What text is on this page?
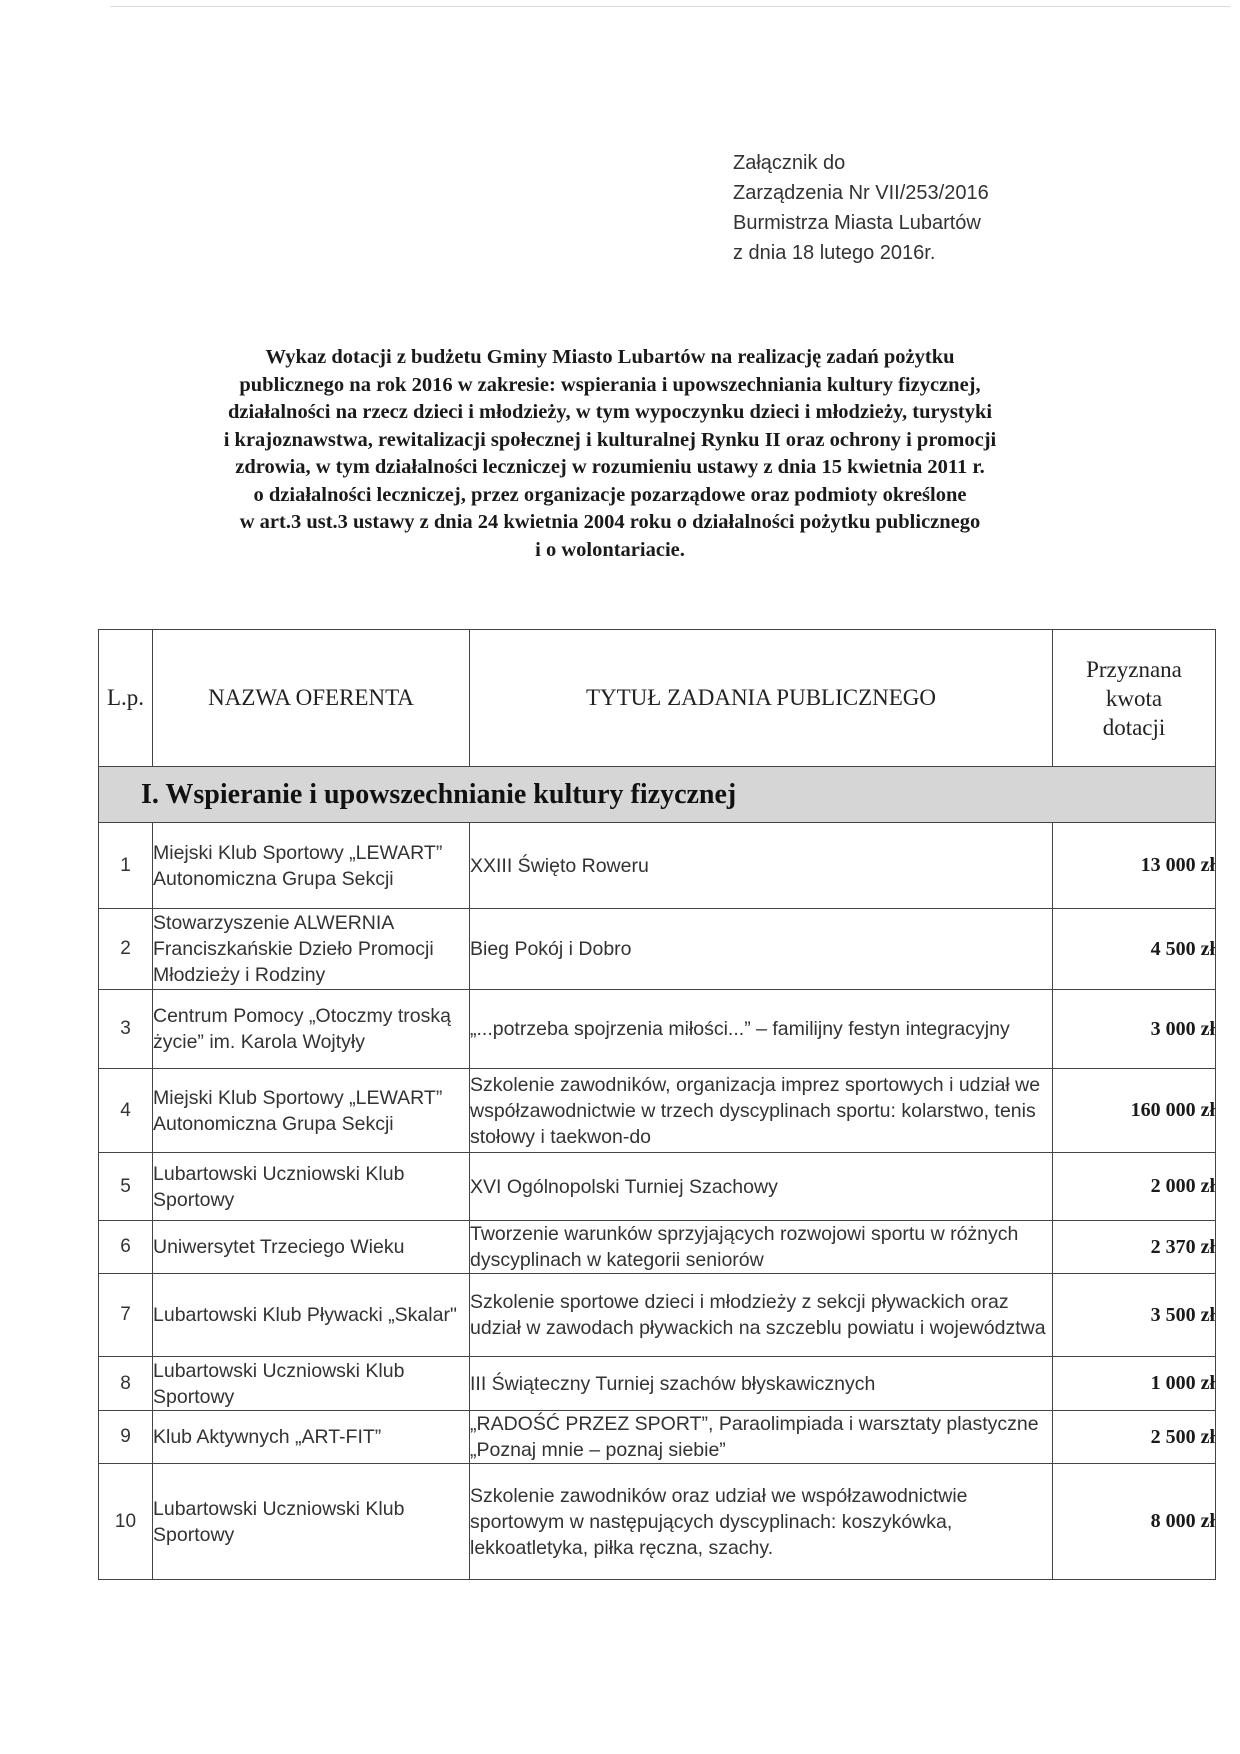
Załącznik do
Zarządzenia Nr VII/253/2016
Burmistrza Miasta Lubartów
z dnia 18 lutego 2016r.
Wykaz dotacji z budżetu Gminy Miasto Lubartów na realizację zadań pożytku
publicznego na rok 2016 w zakresie: wspierania i upowszechniania kultury fizycznej,
działalności na rzecz dzieci i młodzieży, w tym wypoczynku dzieci i młodzieży, turystyki
i krajoznawstwa, rewitalizacji społecznej i kulturalnej Rynku II oraz ochrony i promocji
zdrowia, w tym działalności leczniczej w rozumieniu ustawy z dnia 15 kwietnia 2011 r.
o działalności leczniczej, przez organizacje pozarządowe oraz podmioty określone
w art.3 ust.3 ustawy z dnia 24 kwietnia 2004 roku o działalności pożytku publicznego
i o wolontariacie.
L.p.	NAZWA OFERENTA	TYTUŁ ZADANIA PUBLICZNEGO	Przyznana
kwota
dotacji

I. Wspieranie i upowszechnianie kultury fizycznej			
1	Miejski Klub Sportowy „LEWART” Autonomiczna Grupa Sekcji	XXIII Święto Roweru	13 000 zł
2	Stowarzyszenie ALWERNIA Franciszkańskie Dzieło Promocji Młodzieży i Rodziny	Bieg Pokój i Dobro	4 500 zł
3	Centrum Pomocy „Otoczmy troską życie” im. Karola Wojtyły	„...potrzeba spojrzenia miłości...” – familijny festyn integracyjny	3 000 zł
4	Miejski Klub Sportowy „LEWART” Autonomiczna Grupa Sekcji	Szkolenie zawodników, organizacja imprez sportowych i udział we współzawodnictwie w trzech dyscyplinach sportu: kolarstwo, tenis stołowy i taekwon-do	160 000 zł
5	Lubartowski Uczniowski Klub Sportowy	XVI Ogólnopolski Turniej Szachowy	2 000 zł
6	Uniwersytet Trzeciego Wieku	Tworzenie warunków sprzyjających rozwojowi sportu w różnych dyscyplinach w kategorii seniorów	2 370 zł
7	Lubartowski Klub Pływacki „Skalar"	Szkolenie sportowe dzieci i młodzieży z sekcji pływackich oraz udział w zawodach pływackich na szczeblu powiatu i województwa	3 500 zł
8	Lubartowski Uczniowski Klub Sportowy	III Świąteczny Turniej szachów błyskawicznych	1 000 zł
9	Klub Aktywnych „ART-FIT”	„RADOŚĆ PRZEZ SPORT”, Paraolimpiada i warsztaty plastyczne „Poznaj mnie – poznaj siebie”	2 500 zł
10	Lubartowski Uczniowski Klub Sportowy	Szkolenie zawodników oraz udział we współzawodnictwie sportowym w następujących dyscyplinach: koszykówka, lekkoatletyka, piłka ręczna, szachy.	8 000 zł
